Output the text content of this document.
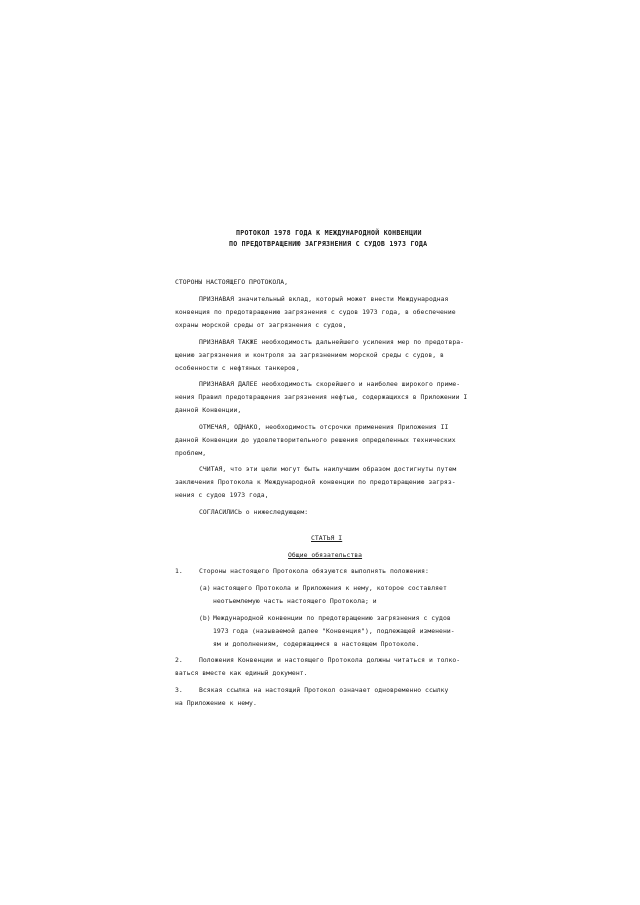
ПРОТОКОЛ 1978 ГОДА К МЕЖДУНАРОДНОЙ КОНВЕНЦИИ
ПО ПРЕДОТВРАЩЕНИЮ ЗАГРЯЗНЕНИЯ С СУДОВ 1973 ГОДА
СТОРОНЫ НАСТОЯЩЕГО ПРОТОКОЛА,
ПРИЗНАВАЯ значительный вклад, который может внести Международная
конвенция по предотвращению загрязнения с судов 1973 года, в обеспечение
охраны морской среды от загрязнения с судов,
ПРИЗНАВАЯ ТАКЖЕ необходимость дальнейшего усиления мер по предотвра-
щению загрязнения и контроля за загрязнением морской среды с судов, в
особенности с нефтяных танкеров,
ПРИЗНАВАЯ ДАЛЕЕ необходимость скорейшего и наиболее широкого приме-
нения Правил предотвращения загрязнения нефтью, содержащихся в Приложении I
данной Конвенции,
ОТМЕЧАЯ, ОДНАКО, необходимость отсрочки применения Приложения II
данной Конвенции до удовлетворительного решения определенных технических
проблем,
СЧИТАЯ, что эти цели могут быть наилучшим образом достигнуты путем
заключения Протокола к Международной конвенции по предотвращению загряз-
нения с судов 1973 года,
СОГЛАСИЛИСЬ о нижеследующем:
СТАТЬЯ I
Общие обязательства
1.	Стороны настоящего Протокола обязуются выполнять положения:
(a) настоящего Протокола и Приложения к нему, которое составляет
неотъемлемую часть настоящего Протокола; и
(b) Международной конвенции по предотвращению загрязнения с судов
1973 года (называемой далее "Конвенция"), подлежащей изменени-
ям и дополнениям, содержащимся в настоящем Протоколе.
2.	Положения Конвенции и настоящего Протокола должны читаться и толко-
ваться вместе как единый документ.
3.	Всякая ссылка на настоящий Протокол означает одновременно ссылку
на Приложение к нему.
